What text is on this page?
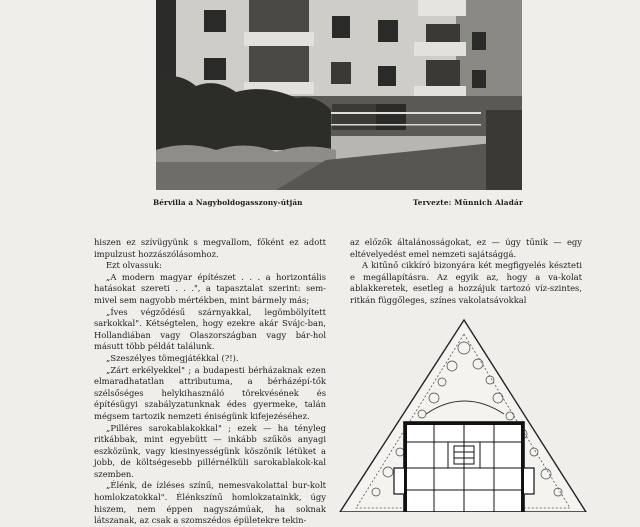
Bérvilla a Nagyboldogasszony-útján	Tervezte: Münnich Aladár

hiszen ez szívügyünk s megvallom, főként ez adott impulzust hozzászólásomhoz.

Ezt olvassuk:

„A modern magyar építészet . . . a horizontális hatásokat szereti . . .", a tapasztalat szerint: sem-mivel sem nagyobb mértékben, mint bármely más;

„Íves végződésű szárnyakkal, legömbölyített sarkokkal". Kétségtelen, hogy ezekre akár Svájc-ban, Hollandiában vagy Olaszországban vagy bár-hol másutt több példát találunk.

„Szeszélyes tömegjátékkal (?!).

„Zárt erkélyekkel" ; a budapesti bérházaknak ezen elmaradhatatlan attributuma, a bérházépí-tők szélsőséges helykihasználó törekvésének és építésügyi szabályzatunknak édes gyermeke, talán mégsem tartozik nemzeti éniségünk kifejezéséhez.

„Pilléres sarokablakokkal" ; ezek — ha tényleg ritkábbak, mint egyebütt — inkább szűkös anyagi eszközünk, vagy kiesinyességünk köszönik létüket a jobb, de költségesebb pillérnélküli sarokablakok-kal szemben.

„Élénk, de ízléses színű, nemesvakolattal bur-kolt homlokzatokkal". Élénkszínű homlokzatainkk, úgy hiszem, nem éppen nagyszámúak, ha soknak látszanak, az csak a szomszédos épületekre tekin-

az előzők általánosságokat, ez — úgy tűnik — egy eltévelyedést emel nemzeti sajátsággá.

A kitűnő cikkíró bizonyára két megfigyelés készteti e megállapításra. Az egyik az, hogy a va-kolat ablakkeretek, esetleg a hozzájuk tartozó víz-szintes, ritkán függőleges, színes vakolatsávokkal
